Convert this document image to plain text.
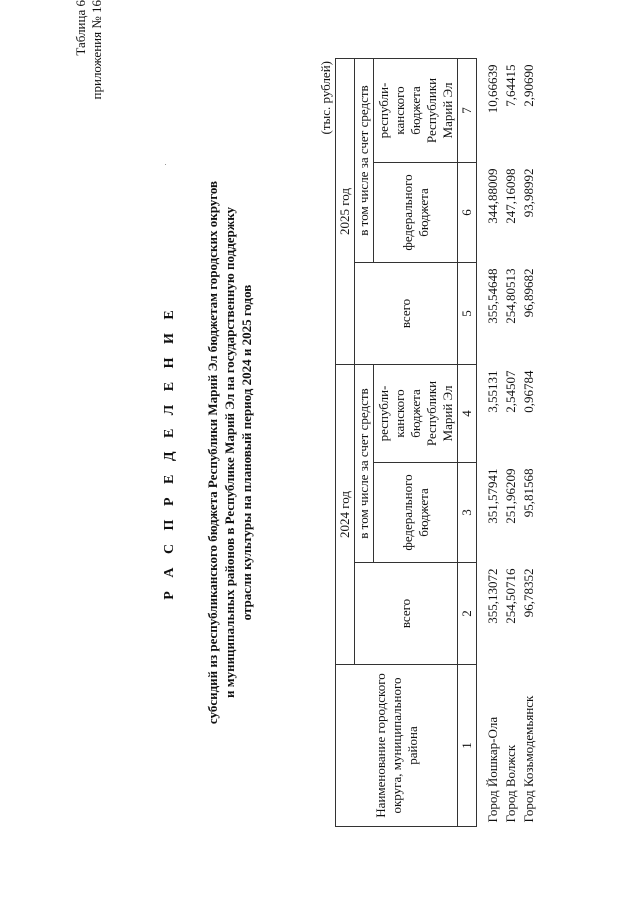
Таблица 6 приложения № 16
Р А С П Р Е Д Е Л Е Н И Е субсидий из республиканского бюджета Республики Марий Эл бюджетам городских округов и муниципальных районов в Республике Марий Эл на государственную поддержку отрасли культуры на плановый период 2024 и 2025 годов
(тыс. рублей)
Наименование городского округа, муниципального района	2024 год			2025 год		
	всего	в том числе за счет средств		всего	в том числе за счет средств	
		федерального бюджета	республи-канского бюджета Республики Марий Эл		федерального бюджета	республи-канского бюджета Республики Марий Эл
1	2	3	4	5	6	7
Город Йошкар-Ола	355,13072	351,57941	3,55131	355,54648	344,88009	10,66639
Город Волжск	254,50716	251,96209	2,54507	254,80513	247,16098	7,64415
Город Козьмодемьянск	96,78352	95,81568	0,96784	96,89682	93,98992	2,90690
